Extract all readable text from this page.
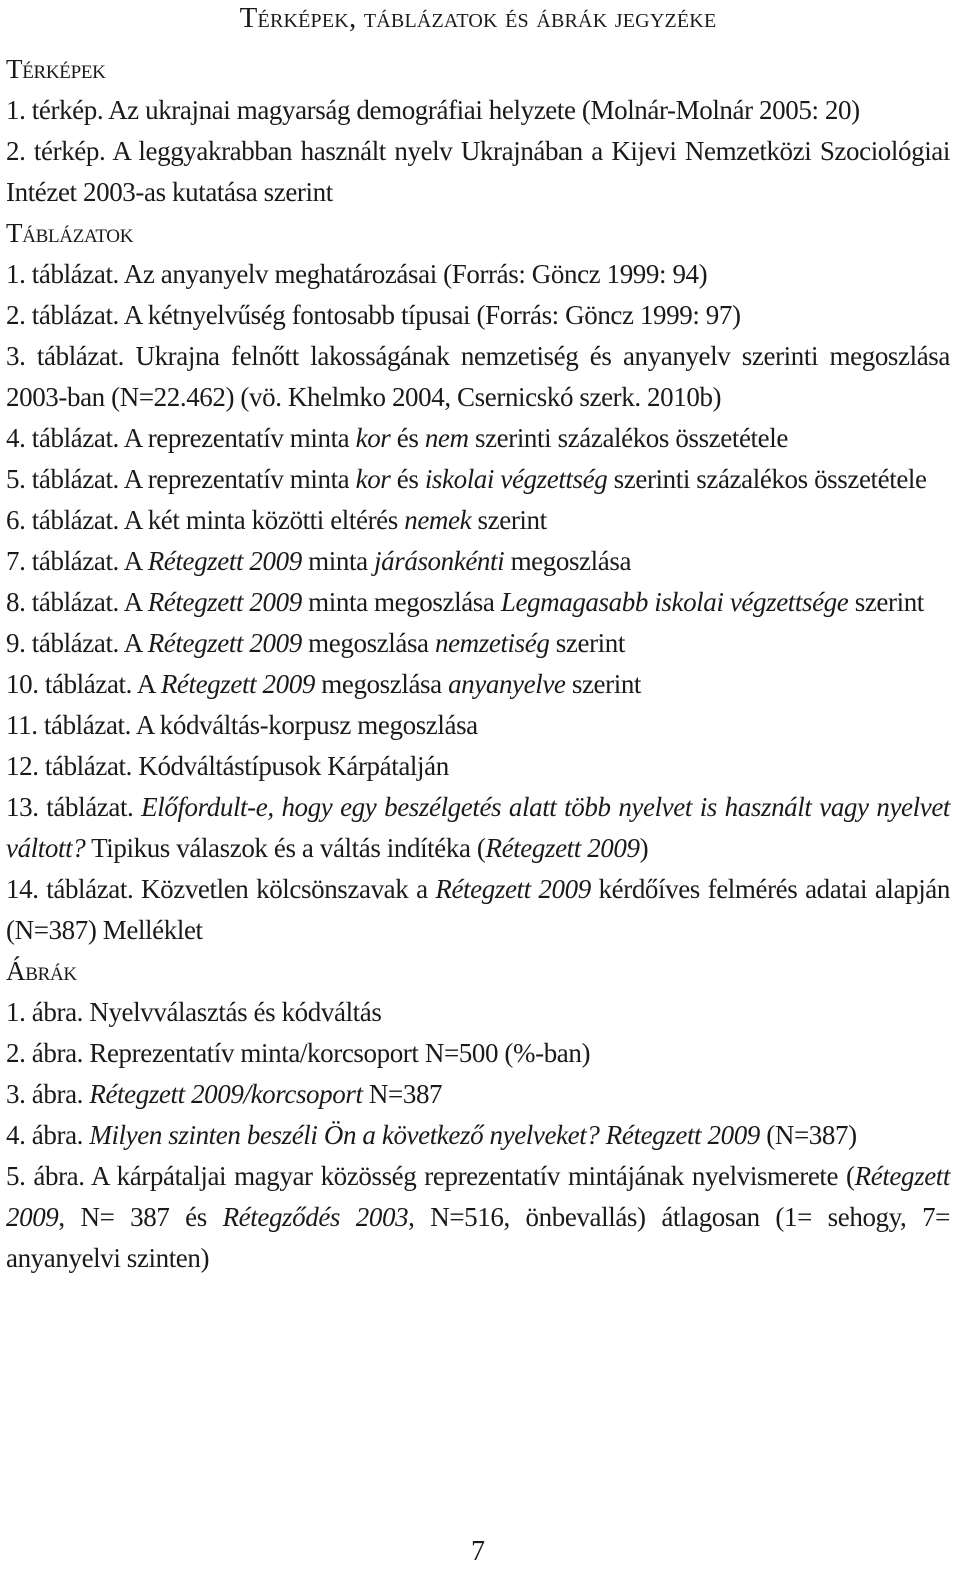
Térképek, táblázatok és ábrák jegyzéke
Térképek
1. térkép. Az ukrajnai magyarság demográfiai helyzete (Molnár-Molnár 2005: 20)
2. térkép. A leggyakrabban használt nyelv Ukrajnában a Kijevi Nemzetközi Szociológiai Intézet 2003-as kutatása szerint
Táblázatok
1. táblázat. Az anyanyelv meghatározásai (Forrás: Göncz 1999: 94)
2. táblázat. A kétnyelvűség fontosabb típusai (Forrás: Göncz 1999: 97)
3. táblázat. Ukrajna felnőtt lakosságának nemzetiség és anyanyelv szerinti megoszlása 2003-ban (N=22.462) (vö. Khelmko 2004, Csernicskó szerk. 2010b)
4. táblázat. A reprezentatív minta kor és nem szerinti százalékos összetétele
5. táblázat. A reprezentatív minta kor és iskolai végzettség szerinti százalékos összetétele
6. táblázat. A két minta közötti eltérés nemek szerint
7. táblázat. A Rétegzett 2009 minta járásonkénti megoszlása
8. táblázat. A Rétegzett 2009 minta megoszlása Legmagasabb iskolai végzettsége szerint
9. táblázat. A Rétegzett 2009 megoszlása nemzetiség szerint
10. táblázat. A Rétegzett 2009 megoszlása anyanyelve szerint
11. táblázat. A kódváltás-korpusz megoszlása
12. táblázat. Kódváltástípusok Kárpátalján
13. táblázat. Előfordult-e, hogy egy beszélgetés alatt több nyelvet is használt vagy nyelvet váltott? Tipikus válaszok és a váltás indítéka (Rétegzett 2009)
14. táblázat. Közvetlen kölcsönszavak a Rétegzett 2009 kérdőíves felmérés adatai alapján (N=387) Melléklet
Ábrák
1. ábra. Nyelvválasztás és kódváltás
2. ábra. Reprezentatív minta/korcsoport N=500 (%-ban)
3. ábra. Rétegzett 2009/korcsoport N=387
4. ábra. Milyen szinten beszéli Ön a következő nyelveket? Rétegzett 2009 (N=387)
5. ábra. A kárpátaljai magyar közösség reprezentatív mintájának nyelvismerete (Rétegzett 2009, N= 387 és Rétegződés 2003, N=516, önbevallás) átlagosan (1= sehogy, 7= anyanyelvi szinten)
7
